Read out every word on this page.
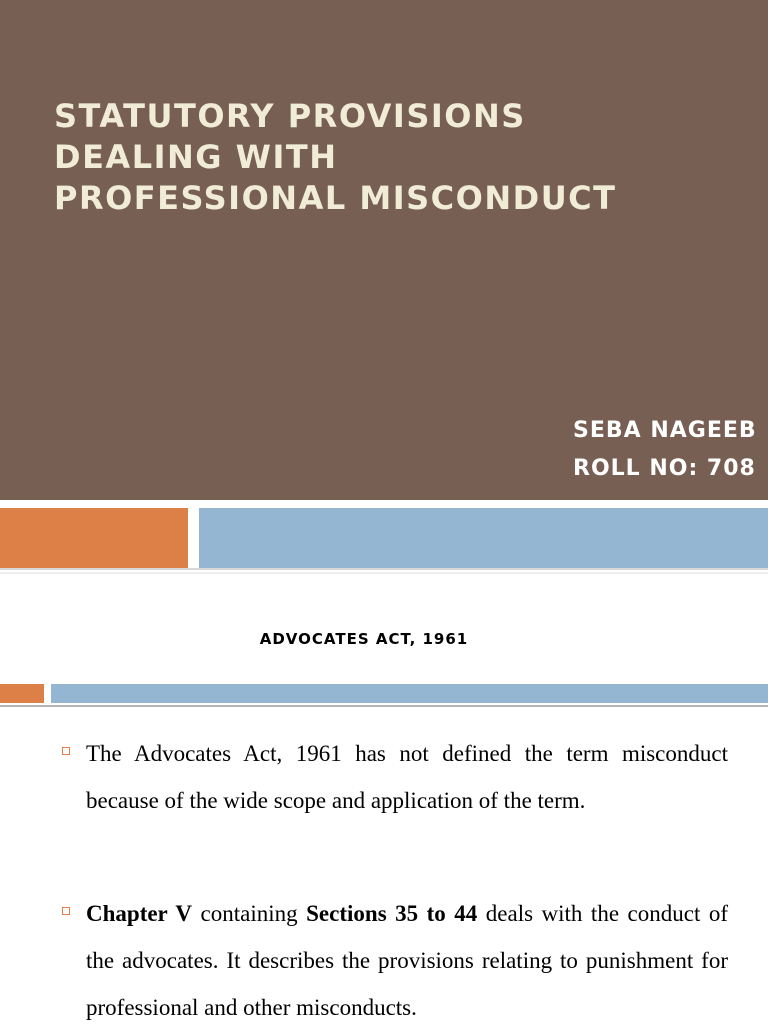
STATUTORY PROVISIONS
DEALING WITH
PROFESSIONAL MISCONDUCT
SEBA NAGEEB
ROLL NO: 708
ADVOCATES ACT, 1961
The Advocates Act, 1961 has not defined the term misconduct because of the wide scope and application of the term.
Chapter V containing Sections 35 to 44 deals with the conduct of the advocates. It describes the provisions relating to punishment for professional and other misconducts.
